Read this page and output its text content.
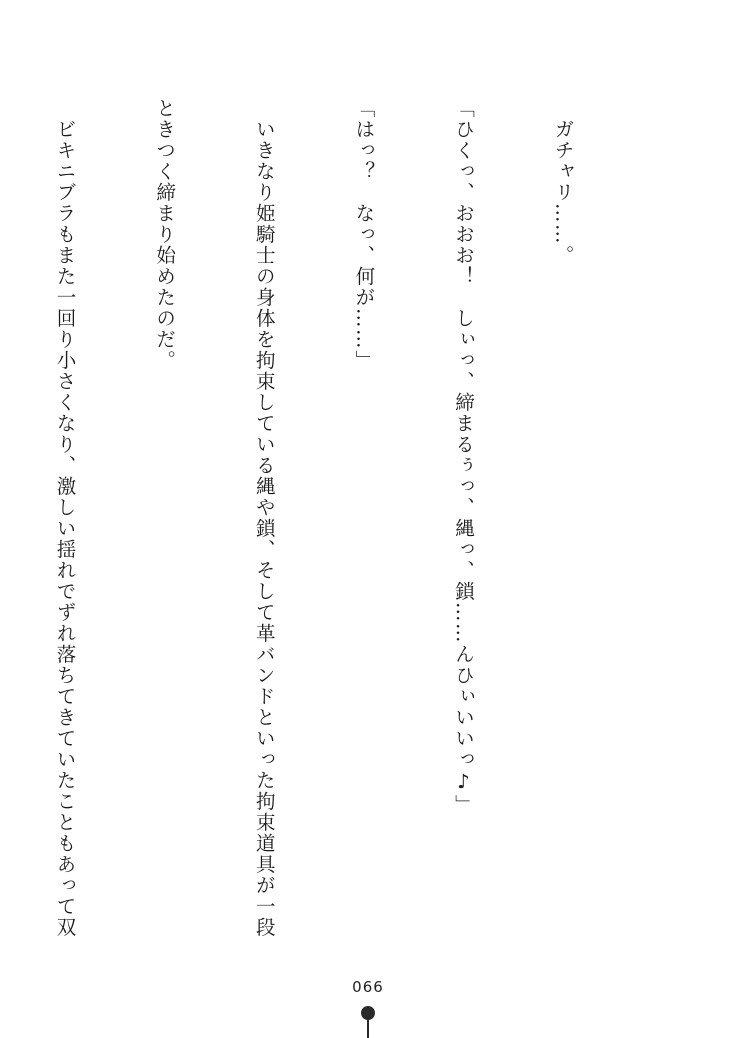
　ガチャリ……。

「ひくっ、おおお！　しぃっ、締まるぅっ、縄っ、鎖……んひぃいいっ♪」

「はっ？　なっ、何が……」

　いきなり姫騎士の身体を拘束している縄や鎖、そして革バンドといった拘束道具が一段

ときつく締まり始めたのだ。

　ビキニブラもまた一回り小さくなり、激しい揺れでずれ落ちてきていたこともあって双

066
